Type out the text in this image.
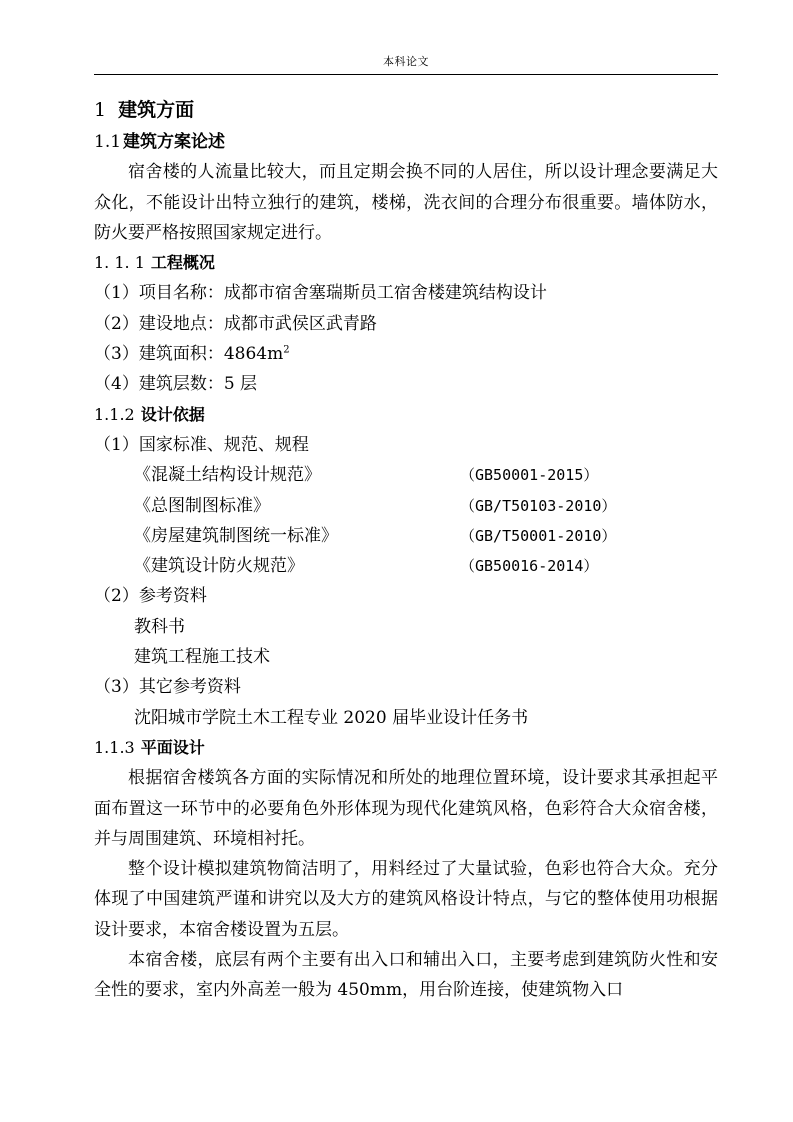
本科论文
1 建筑方面
1.1 建筑方案论述
宿舍楼的人流量比较大，而且定期会换不同的人居住，所以设计理念要满足大众化，不能设计出特立独行的建筑，楼梯，洗衣间的合理分布很重要。墙体防水，防火要严格按照国家规定进行。
1. 1. 1 工程概况
（1）项目名称：成都市宿舍塞瑞斯员工宿舍楼建筑结构设计
（2）建设地点：成都市武侯区武青路
（3）建筑面积：$4864m^2$
（4）建筑层数：5 层
1.1.2 设计依据
（1）国家标准、规范、规程
《混凝土结构设计规范》	（GB50001-2015）
《总图制图标准》	（GB/T50103-2010）
《房屋建筑制图统一标准》	（GB/T50001-2010）
《建筑设计防火规范》	（GB50016-2014）
（2）参考资料
教科书
建筑工程施工技术
（3）其它参考资料
沈阳城市学院土木工程专业 2020 届毕业设计任务书
1.1.3 平面设计
根据宿舍楼筑各方面的实际情况和所处的地理位置环境，设计要求其承担起平面布置这一环节中的必要角色外形体现为现代化建筑风格，色彩符合大众宿舍楼，并与周围建筑、环境相衬托。
整个设计模拟建筑物简洁明了，用料经过了大量试验，色彩也符合大众。充分体现了中国建筑严谨和讲究以及大方的建筑风格设计特点，与它的整体使用功根据设计要求，本宿舍楼设置为五层。
本宿舍楼，底层有两个主要有出入口和辅出入口，主要考虑到建筑防火性和安全性的要求，室内外高差一般为 450mm，用台阶连接，使建筑物入口
